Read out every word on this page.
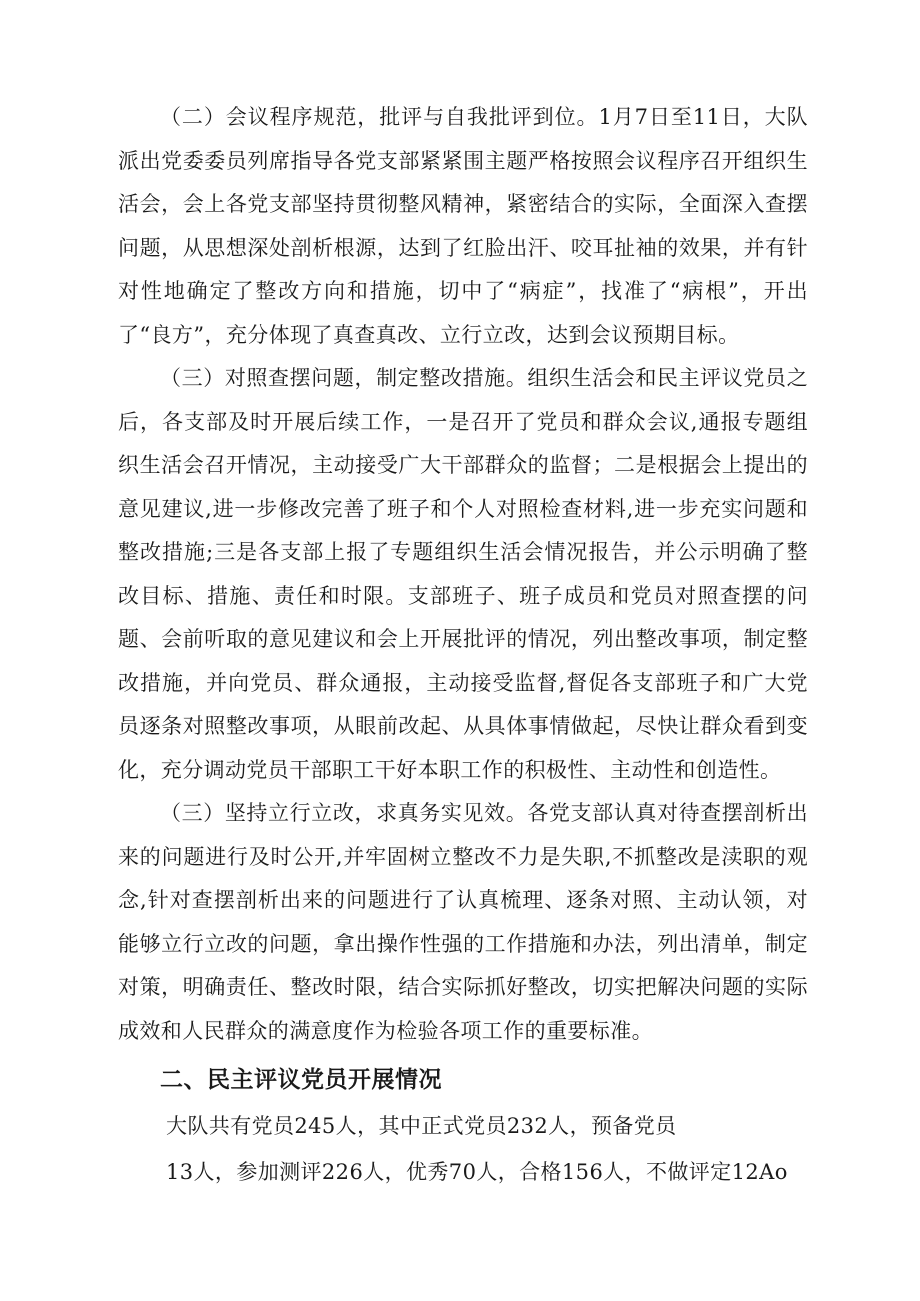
（二）会议程序规范，批评与自我批评到位。1月7日至11日，大队派出党委委员列席指导各党支部紧紧围主题严格按照会议程序召开组织生活会，会上各党支部坚持贯彻整风精神，紧密结合的实际，全面深入查摆问题，从思想深处剖析根源，达到了红脸出汗、咬耳扯袖的效果，并有针对性地确定了整改方向和措施，切中了“病症”，找准了“病根”，开出了“良方”，充分体现了真查真改、立行立改，达到会议预期目标。

（三）对照查摆问题，制定整改措施。组织生活会和民主评议党员之后，各支部及时开展后续工作，一是召开了党员和群众会议,通报专题组织生活会召开情况，主动接受广大干部群众的监督；二是根据会上提出的意见建议,进一步修改完善了班子和个人对照检查材料,进一步充实问题和整改措施;三是各支部上报了专题组织生活会情况报告，并公示明确了整改目标、措施、责任和时限。支部班子、班子成员和党员对照查摆的问题、会前听取的意见建议和会上开展批评的情况，列出整改事项，制定整改措施，并向党员、群众通报，主动接受监督,督促各支部班子和广大党员逐条对照整改事项，从眼前改起、从具体事情做起，尽快让群众看到变化，充分调动党员干部职工干好本职工作的积极性、主动性和创造性。

（三）坚持立行立改，求真务实见效。各党支部认真对待查摆剖析出来的问题进行及时公开,并牢固树立整改不力是失职,不抓整改是渎职的观念,针对查摆剖析出来的问题进行了认真梳理、逐条对照、主动认领，对能够立行立改的问题，拿出操作性强的工作措施和办法，列出清单，制定对策，明确责任、整改时限，结合实际抓好整改，切实把解决问题的实际成效和人民群众的满意度作为检验各项工作的重要标准。

二、民主评议党员开展情况

大队共有党员245人，其中正式党员232人，预备党员

13人，参加测评226人，优秀70人，合格156人，不做评定12Ao
